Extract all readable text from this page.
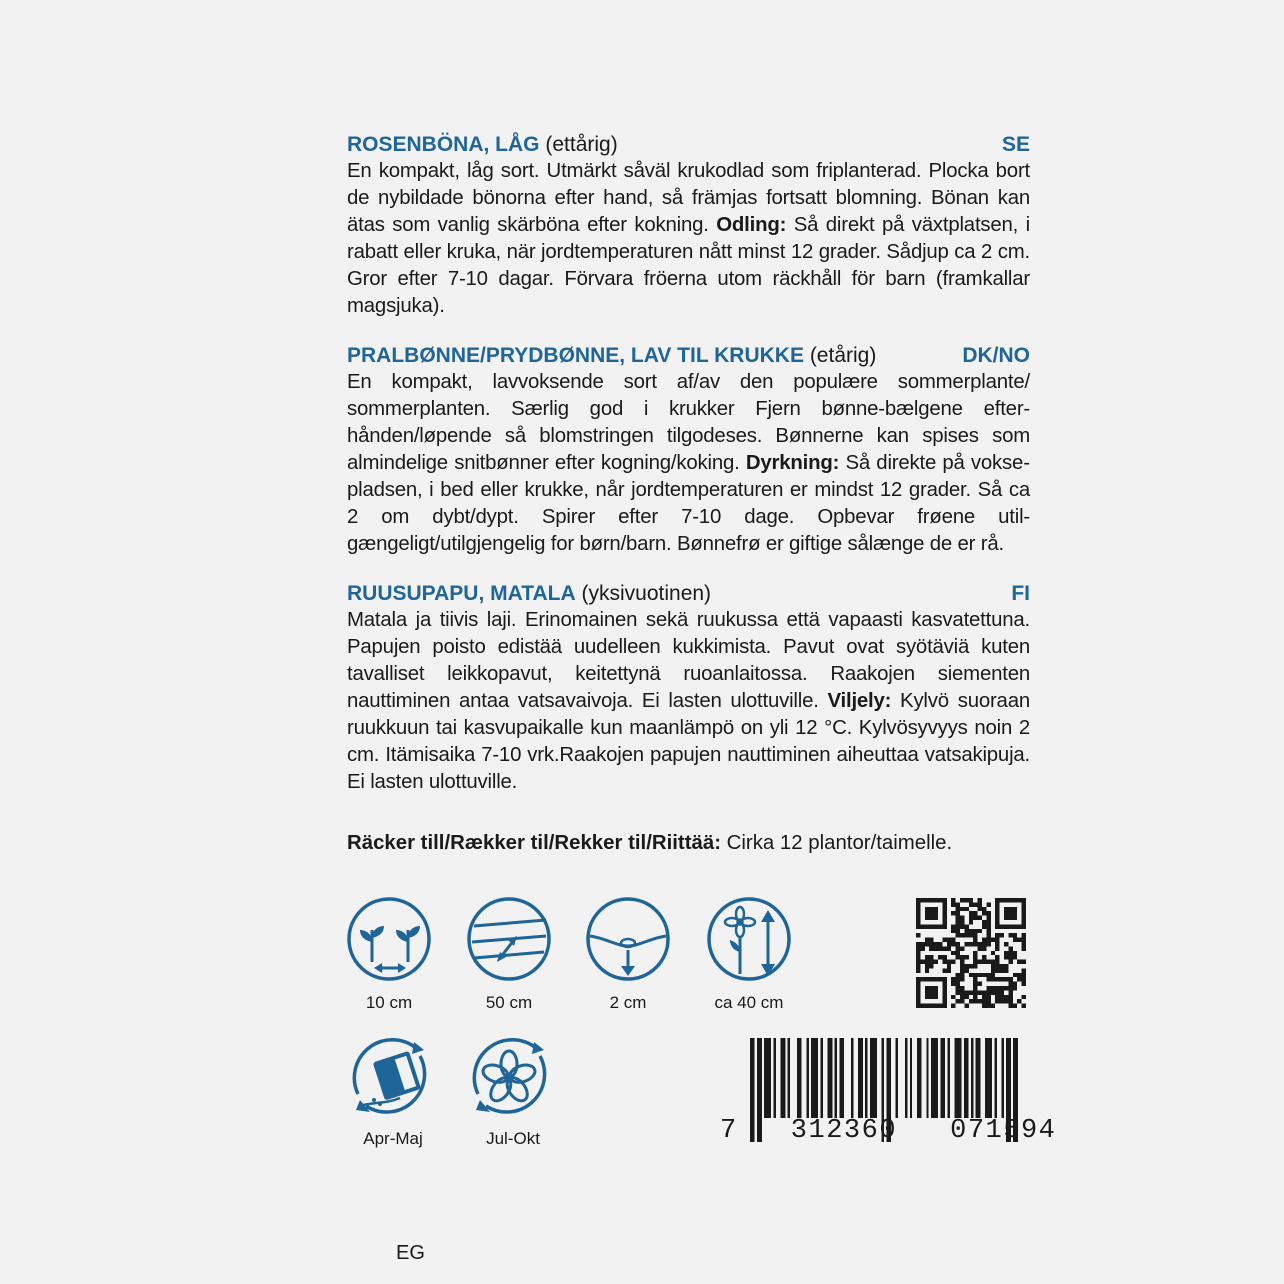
ROSENBÖNA, LÅG (ettårig)	SE
En kompakt, låg sort. Utmärkt såväl krukodlad som friplanterad. Plocka bort de nybildade bönorna efter hand, så främjas fortsatt blomning. Bönan kan ätas som vanlig skärböna efter kokning. Odling: Så direkt på växtplatsen, i rabatt eller kruka, när jordtemperaturen nått minst 12 grader. Sådjup ca 2 cm. Gror efter 7-10 dagar. Förvara fröerna utom räckhåll för barn (framkallar magsjuka).
PRALBØNNE/PRYDBØNNE, LAV TIL KRUKKE (etårig)	DK/NO
En kompakt, lavvoksende sort af/av den populære sommerplante/ sommerplanten. Særlig god i krukker Fjern bønne-bælgene efter-hånden/løpende så blomstringen tilgodeses. Bønnerne kan spises som almindelige snitbønner efter kogning/koking. Dyrkning: Så direkte på voksepladsen, i bed eller krukke, når jordtemperaturen er mindst 12 grader. Så ca 2 om dybt/dypt. Spirer efter 7-10 dage. Opbevar frøene util-gængeligt/utilgjengelig for børn/barn. Bønnefrø er giftige sålænge de er rå.
RUUSUPAPU, MATALA (yksivuotinen)	FI
Matala ja tiivis laji. Erinomainen sekä ruukussa että vapaasti kasvatettuna. Papujen poisto edistää uudelleen kukkimista. Pavut ovat syötäviä kuten tavalliset leikkopavut, keitettynä ruoanlaitossa. Raakojen siementen nauttiminen antaa vatsavaivoja. Ei lasten ulottuville. Viljely: Kylvö suoraan ruukkuun tai kasvupaikalle kun maanlämpö on yli 12 °C. Kylvösyvyys noin 2 cm. Itämisaika 7-10 vrk.Raakojen papujen nauttiminen aiheuttaa vatsakipuja. Ei lasten ulottuville.
Räcker till/Rækker til/Rekker til/Riittää: Cirka 12 plantor/taimelle.
10 cm	50 cm	2 cm	ca 40 cm
Apr-Maj	Jul-Okt	7   312360   071594
EG
